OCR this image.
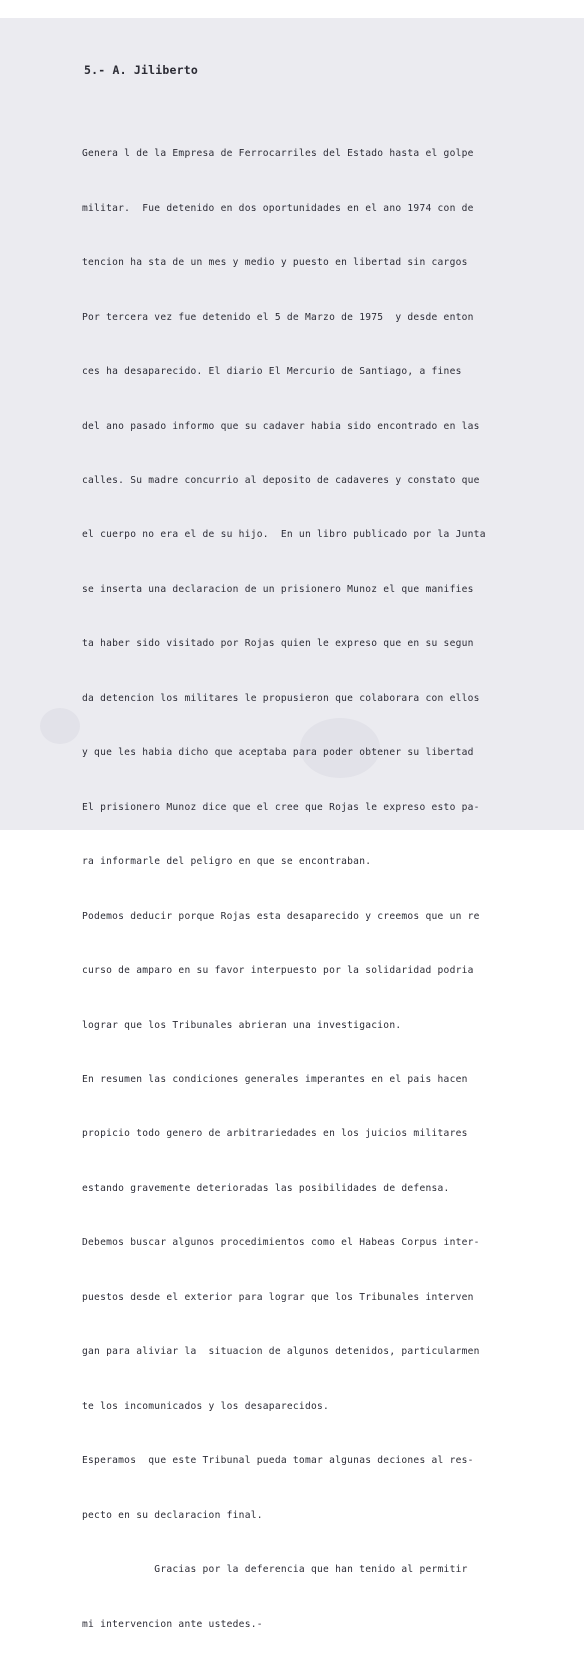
5.- A. Jiliberto

Genera l de la Empresa de Ferrocarriles del Estado hasta el golpe

militar.  Fue detenido en dos oportunidades en el ano 1974 con de

tencion ha sta de un mes y medio y puesto en libertad sin cargos

Por tercera vez fue detenido el 5 de Marzo de 1975  y desde enton

ces ha desaparecido. El diario El Mercurio de Santiago, a fines

del ano pasado informo que su cadaver habia sido encontrado en las

calles. Su madre concurrio al deposito de cadaveres y constato que

el cuerpo no era el de su hijo.  En un libro publicado por la Junta

se inserta una declaracion de un prisionero Munoz el que manifies

ta haber sido visitado por Rojas quien le expreso que en su segun

da detencion los militares le propusieron que colaborara con ellos

y que les habia dicho que aceptaba para poder obtener su libertad

El prisionero Munoz dice que el cree que Rojas le expreso esto pa-

ra informarle del peligro en que se encontraban.

Podemos deducir porque Rojas esta desaparecido y creemos que un re

curso de amparo en su favor interpuesto por la solidaridad podria

lograr que los Tribunales abrieran una investigacion.

En resumen las condiciones generales imperantes en el pais hacen

propicio todo genero de arbitrariedades en los juicios militares

estando gravemente deterioradas las posibilidades de defensa.

Debemos buscar algunos procedimientos como el Habeas Corpus inter-

puestos desde el exterior para lograr que los Tribunales interven

gan para aliviar la  situacion de algunos detenidos, particularmen

te los incomunicados y los desaparecidos.

Esperamos  que este Tribunal pueda tomar algunas deciones al res-

pecto en su declaracion final.

Gracias por la deferencia que han tenido al permitir

mi intervencion ante ustedes.-
